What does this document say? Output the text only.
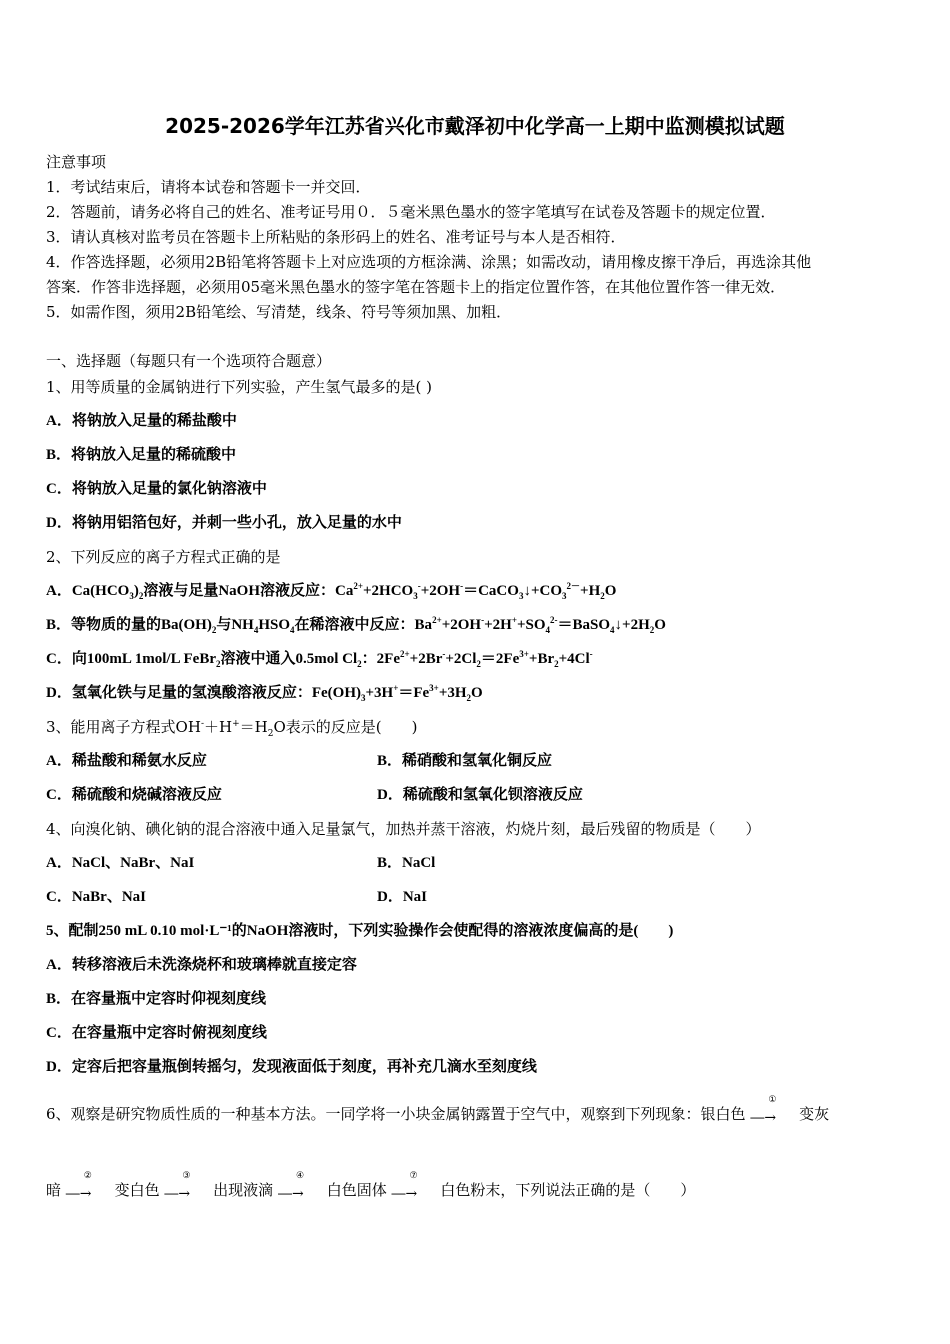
2025-2026学年江苏省兴化市戴泽初中化学高一上期中监测模拟试题
注意事项
1．考试结束后，请将本试卷和答题卡一并交回．
2．答题前，请务必将自己的姓名、准考证号用０．５毫米黑色墨水的签字笔填写在试卷及答题卡的规定位置．
3．请认真核对监考员在答题卡上所粘贴的条形码上的姓名、准考证号与本人是否相符．
4．作答选择题，必须用2B铅笔将答题卡上对应选项的方框涂满、涂黑；如需改动，请用橡皮擦干净后，再选涂其他
答案．作答非选择题，必须用05毫米黑色墨水的签字笔在答题卡上的指定位置作答，在其他位置作答一律无效．
5．如需作图，须用2B铅笔绘、写清楚，线条、符号等须加黑、加粗．
一、选择题（每题只有一个选项符合题意）
1、用等质量的金属钠进行下列实验，产生氢气最多的是( )
A．将钠放入足量的稀盐酸中
B．将钠放入足量的稀硫酸中
C．将钠放入足量的氯化钠溶液中
D．将钠用铝箔包好，并刺一些小孔，放入足量的水中
2、下列反应的离子方程式正确的是
A．$Ca(HCO_3)_2$溶液与足量NaOH溶液反应：$Ca^{2+}+2HCO_3^-+2OH^-=CaCO_3↓+CO_3^{2-}+H_2O$
B．等物质的量的$Ba(OH)_2$与$NH_4HSO_4$在稀溶液中反应：$Ba^{2+}+2OH^-+2H^++SO_4^{2-}=BaSO_4↓+2H_2O$
C．向100mL 1mol/L FeBr$_2$溶液中通入0.5mol $Cl_2$：$2Fe^{2+}+2Br^-+2Cl_2=2Fe^{3+}+Br_2+4Cl^-$
D．氢氧化铁与足量的氢溴酸溶液反应：$Fe(OH)_3+3H^+=Fe^{3+}+3H_2O$
3、能用离子方程式$OH^-+H^+=H_2O$表示的反应是(　　)
A．稀盐酸和稀氨水反应	B．稀硝酸和氢氧化铜反应
C．稀硫酸和烧碱溶液反应	D．稀硫酸和氢氧化钡溶液反应
4、向溴化钠、碘化钠的混合溶液中通入足量氯气，加热并蒸干溶液，灼烧片刻，最后残留的物质是（　　）
A．NaCl、NaBr、NaI	B．NaCl
C．NaBr、NaI	D．NaI
5、配制250 mL 0.10 mol·L⁻¹的NaOH溶液时，下列实验操作会使配得的溶液浓度偏高的是(　　)
A．转移溶液后未洗涤烧杯和玻璃棒就直接定容
B．在容量瓶中定容时仰视刻度线
C．在容量瓶中定容时俯视刻度线
D．定容后把容量瓶倒转摇匀，发现液面低于刻度，再补充几滴水至刻度线
6、观察是研究物质性质的一种基本方法。一同学将一小块金属钠露置于空气中，观察到下列现象：银白色
①
―→ 变灰
暗
②
―→ 变白色
③
―→ 出现液滴
④
―→ 白色固体
⑦
―→ 白色粉末，下列说法正确的是（　　）
